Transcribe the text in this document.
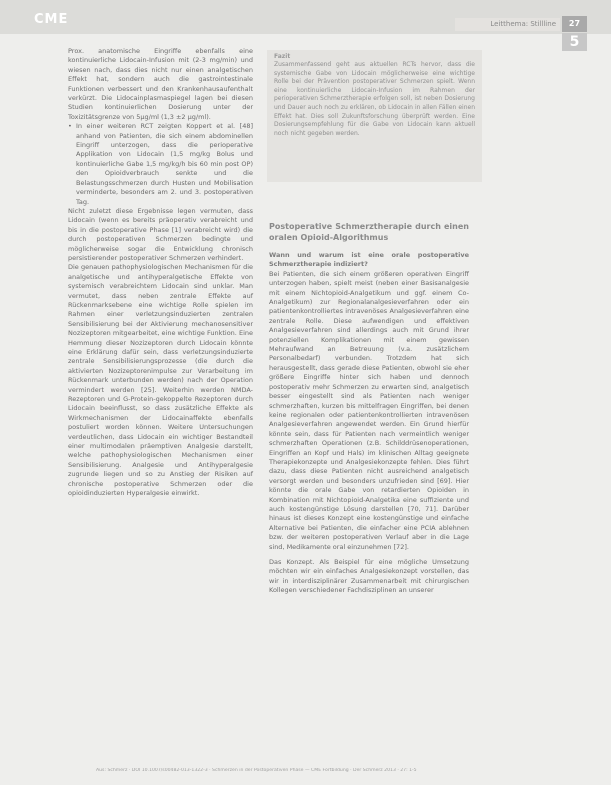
CME	Leitthema: Stillline	27
5

Prox. anatomische Eingriffe ebenfalls eine kontinuierliche Lidocain-Infusion mit (2-3 mg/min) und wiesen nach, dass dies nicht nur einen analgetischen Effekt hat, sondern auch die gastrointestinale Funktionen verbessert und den Krankenhausaufenthalt verkürzt. Die Lidocainplasmaspiegel lagen bei diesen Studien kontinuierlichen Dosierung unter der Toxizitätsgrenze von 5μg/ml (1,3 ±2 μg/ml).

• In einer weiteren RCT zeigten Koppert et al. [48] anhand von Patienten, die sich einem abdominellen Eingriff unterzogen, dass die perioperative Applikation von Lidocain (1,5 mg/kg Bolus und kontinuierliche Gabe 1,5 mg/kg/h bis 60 min post OP) den Opioidverbrauch senkte und die Belastungsschmerzen durch Husten und Mobilisation verminderte, besonders am 2. und 3. postoperativen Tag.

Nicht zuletzt diese Ergebnisse legen vermuten, dass Lidocain (wenn es bereits präoperativ verabreicht und bis in die postoperative Phase [1] verabreicht wird) die durch postoperativen Schmerzen bedingte und möglicherweise sogar die Entwicklung chronisch persistierender postoperativer Schmerzen verhindert.

Die genauen pathophysiologischen Mechanismen für die analgetische und antihyperalgetische Effekte von systemisch verabreichtem Lidocain sind unklar. Man vermutet, dass neben zentrale Effekte auf Rückenmarksebene eine wichtige Rolle spielen im Rahmen einer verletzungsinduzierten zentralen Sensibilisierung bei der Aktivierung mechanosensitiver Nozizeptoren mitgearbeitet, eine wichtige Funktion. Eine Hemmung dieser Nozizeptoren durch Lidocain könnte eine Erklärung dafür sein, dass verletzungsinduzierte zentrale Sensibilisierungsprozesse (die durch die aktivierten Nozizeptorenimpulse zur Verarbeitung im Rückenmark unterbunden werden) nach der Operation vermindert werden [25]. Weiterhin werden NMDA-Rezeptoren und G-Protein-gekoppelte Rezeptoren durch Lidocain beeinflusst, so dass zusätzliche Effekte als Wirkmechanismen der Lidocainaffekte ebenfalls postuliert worden können. Weitere Untersuchungen verdeutlichen, dass Lidocain ein wichtiger Bestandteil einer multimodalen präemptiven Analgesie darstellt, welche pathophysiologischen Mechanismen einer Sensibilisierung. Analgesie und Antihyperalgesie zugrunde liegen und so zu Anstieg der Risiken auf chronische postoperative Schmerzen oder die opioidinduzierten Hyperalgesie einwirkt.

Fazit
Zusammenfassend geht aus aktuellen RCTs hervor, dass die systemische Gabe von Lidocain möglicherweise eine wichtige Rolle bei der Prävention postoperativer Schmerzen spielt. Wenn eine kontinuierliche Lidocain-Infusion im Rahmen der perioperativen Schmerztherapie erfolgen soll, ist neben Dosierung und Dauer auch noch zu erklären, ob Lidocain in allen Fällen einen Effekt hat. Dies soll Zukunftsforschung überprüft werden. Eine Dosierungsempfehlung für die Gabe von Lidocain kann aktuell noch nicht gegeben werden.
Postoperative Schmerztherapie durch einen oralen Opioid-Algorithmus

Wann und warum ist eine orale postoperative Schmerztherapie indiziert?

Bei Patienten, die sich einem größeren operativen Eingriff unterzogen haben, spielt meist (neben einer Basisanalgesie mit einem Nichtopioid-Analgetikum und ggf. einem Co-Analgetikum) zur Regionalanalgesieverfahren oder ein patientenkontrolliertes intravenöses Analgesieverfahren eine zentrale Rolle. Diese aufwendigen und effektiven Analgesieverfahren sind allerdings auch mit Grund ihrer potenziellen Komplikationen mit einem gewissen Mehraufwand an Betreuung (v.a. zusätzlichem Personalbedarf) verbunden. Trotzdem hat sich herausgestellt, dass gerade diese Patienten, obwohl sie eher größere Eingriffe hinter sich haben und dennoch postoperativ mehr Schmerzen zu erwarten sind, analgetisch besser eingestellt sind als Patienten nach weniger schmerzhaften, kurzen bis mittelfragen Eingriffen, bei denen keine regionalen oder patientenkontrollierten intravenösen Analgesieverfahren angewendet werden. Ein Grund hierfür könnte sein, dass für Patienten nach vermeintlich weniger schmerzhaften Operationen (z.B. Schilddrüsenoperationen, Eingriffen an Kopf und Hals) im klinischen Alltag geeignete Therapiekonzepte und Analgesiekonzepte fehlen. Dies führt dazu, dass diese Patienten nicht ausreichend analgetisch versorgt werden und besonders unzufrieden sind [69]. Hier könnte die orale Gabe von retardierten Opioiden in Kombination mit Nichtopioid-Analgetika eine suffiziente und auch kostengünstige Lösung darstellen [70, 71]. Darüber hinaus ist dieses Konzept eine kostengünstige und einfache Alternative bei Patienten, die einfacher eine PCIA ablehnen bzw. der weiteren postoperativen Verlauf aber in die Lage sind, Medikamente oral einzunehmen [72].

Das Konzept. Als Beispiel für eine mögliche Umsetzung möchten wir ein einfaches Analgesiekonzept vorstellen, das wir in interdisziplinärer Zusammenarbeit mit chirurgischen Kollegen verschiedener Fachdisziplinen an unserer

Aus: Schmerz · DOI 10.1007/s00482-013-1322-3 · Schmerzen in der Postoperativen Phase — CME Fortbildung · Der Schmerz 2013 · 27: 1-5
